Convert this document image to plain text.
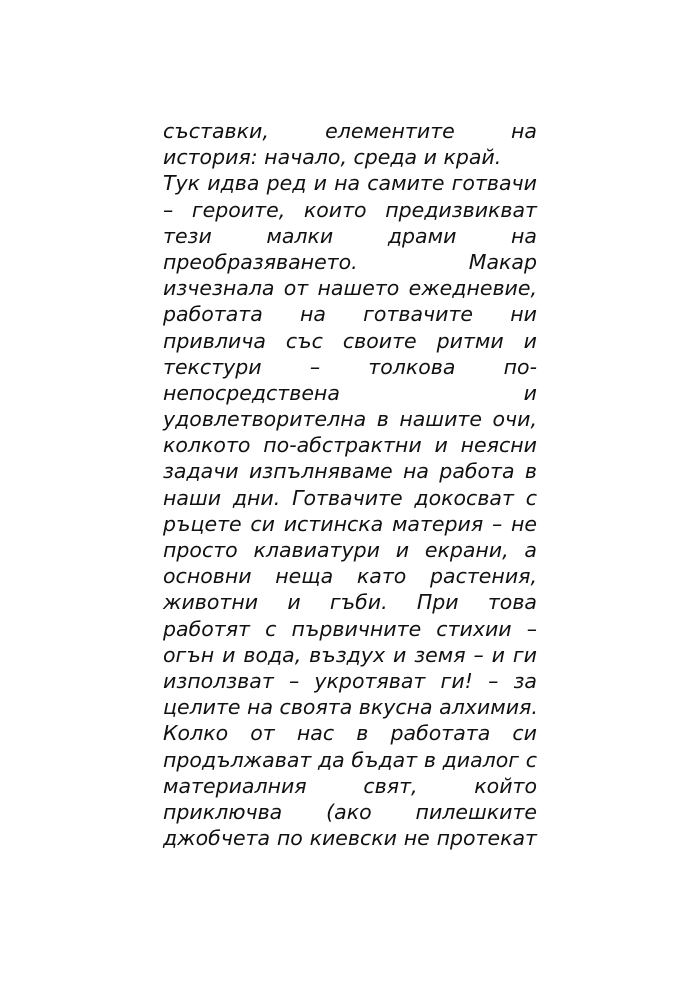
съставки, елементите на
история: начало, среда и край.
Тук идва ред и на самите готвачи
– героите, които предизвикват
тези малки драми на
преобразяването. Макар
изчезнала от нашето ежедневие,
работата на готвачите ни
привлича със своите ритми и
текстури – толкова по-
непосредствена и
удовлетворителна в нашите очи,
колкото по-абстрактни и неясни
задачи изпълняваме на работа в
наши дни. Готвачите докосват с
ръцете си истинска материя – не
просто клавиатури и екрани, а
основни неща като растения,
животни и гъби. При това
работят с първичните стихии –
огън и вода, въздух и земя – и ги
използват – укротяват ги! – за
целите на своята вкусна алхимия.
Колко от нас в работата си
продължават да бъдат в диалог с
материалния свят, който
приключва (ако пилешките
джобчета по киевски не протекат
